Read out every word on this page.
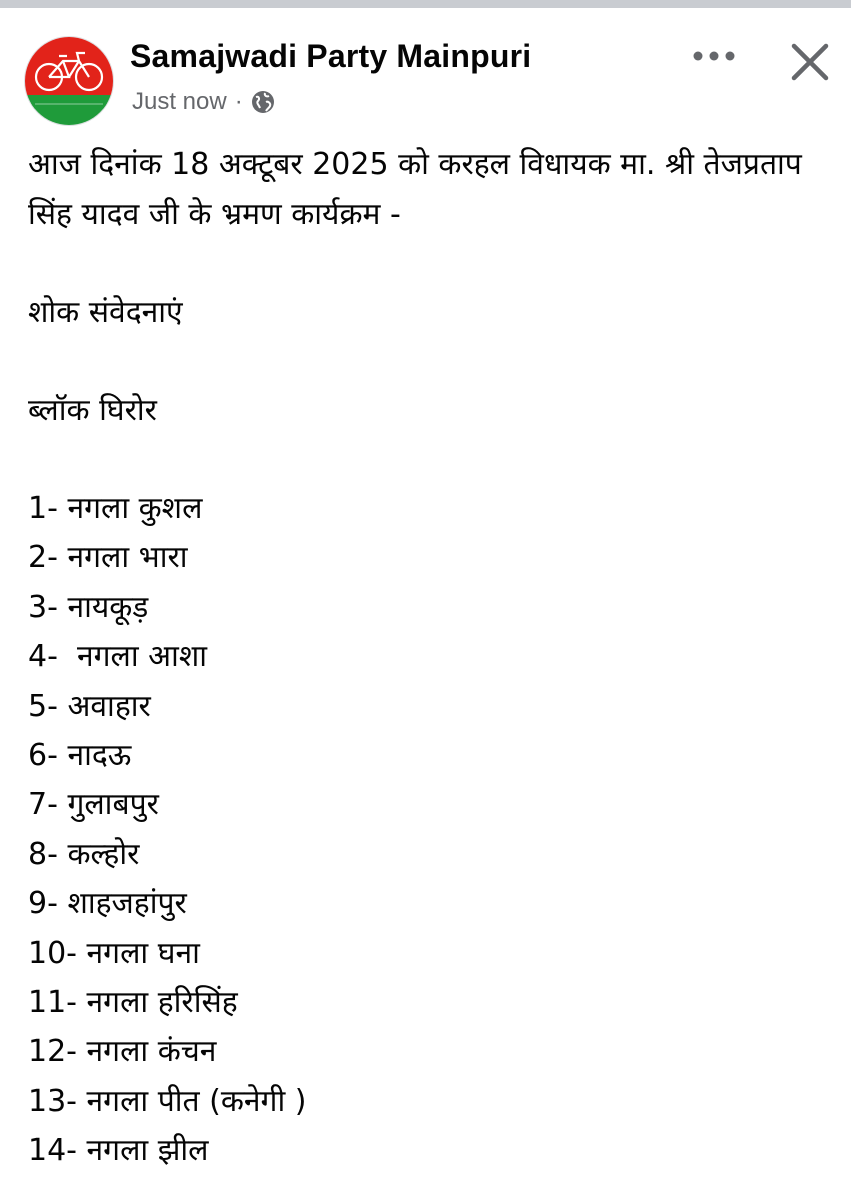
Samajwadi Party Mainpuri
Just now ·

आज दिनांक 18 अक्टूबर 2025 को करहल विधायक मा. श्री तेजप्रताप सिंह यादव जी के भ्रमण कार्यक्रम -

शोक संवेदनाएं

ब्लॉक घिरोर

1- नगला कुशल

2- नगला भारा

3- नायकूड़

4-  नगला आशा

5- अवाहार

6- नादऊ

7- गुलाबपुर

8- कल्होर

9- शाहजहांपुर

10- नगला घना

11- नगला हरिसिंह

12- नगला कंचन

13- नगला पीत (कनेगी )

14- नगला झील
